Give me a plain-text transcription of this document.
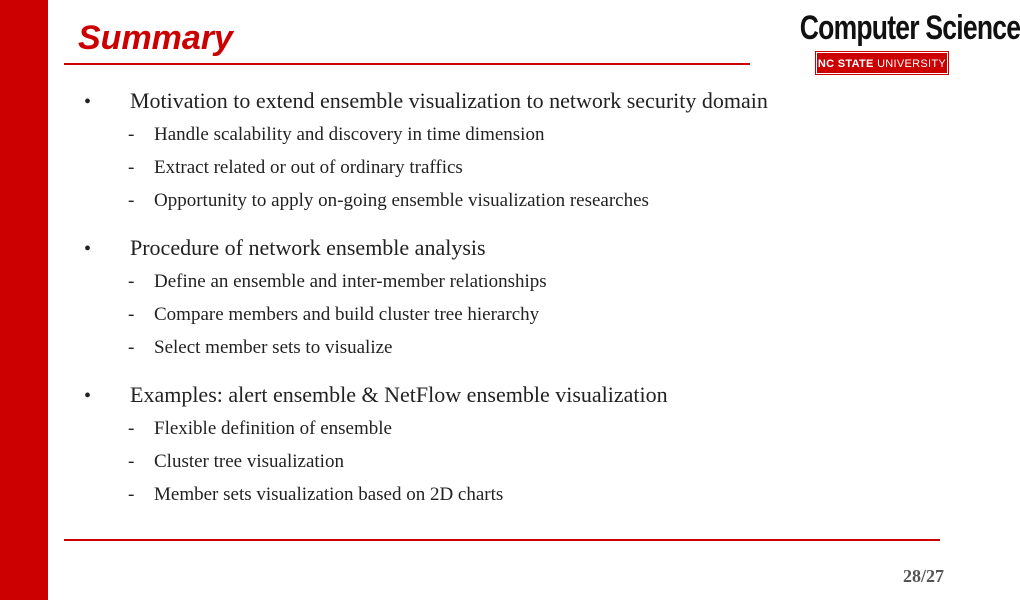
Summary	Computer Science
NC STATE UNIVERSITY
•	Motivation to extend ensemble visualization to network security domain
-	Handle scalability and discovery in time dimension
-	Extract related or out of ordinary traffics
-	Opportunity to apply on-going ensemble visualization researches
•	Procedure of network ensemble analysis
-	Define an ensemble and inter-member relationships
-	Compare members and build cluster tree hierarchy
-	Select member sets to visualize
•	Examples: alert ensemble & NetFlow ensemble visualization
-	Flexible definition of ensemble
-	Cluster tree visualization
-	Member sets visualization based on 2D charts
28/27
